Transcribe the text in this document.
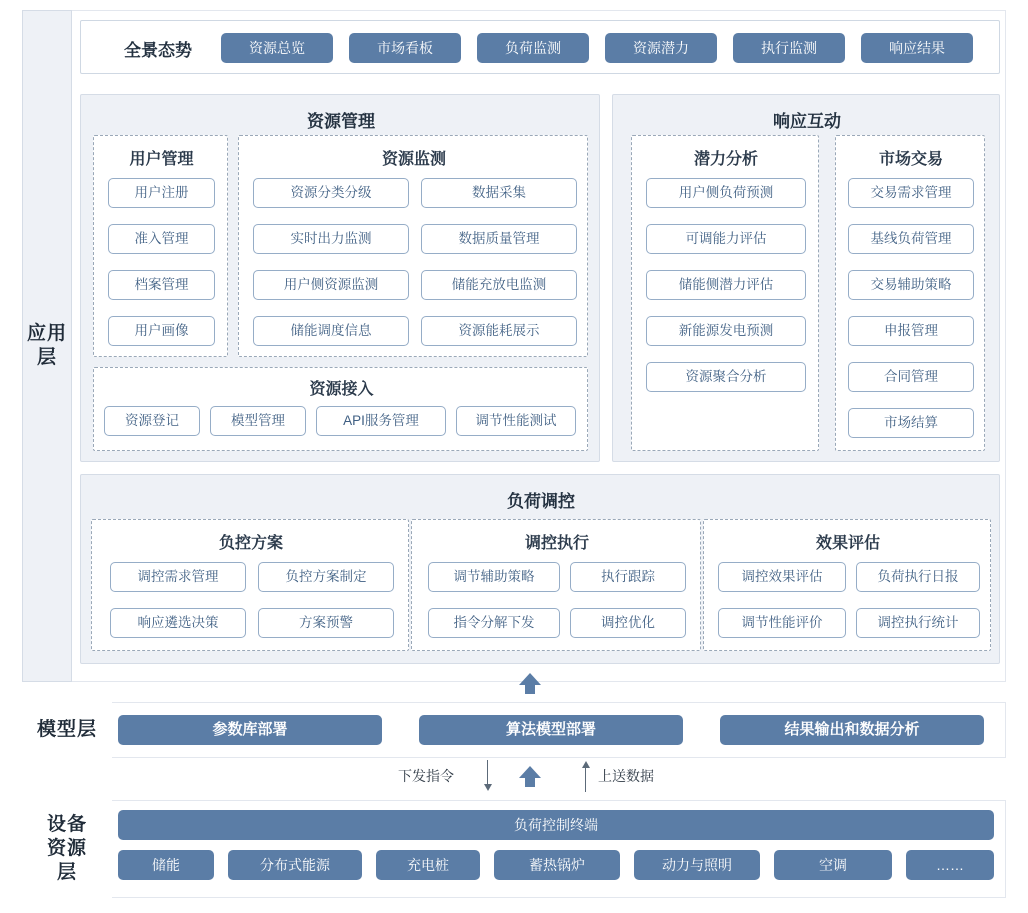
应用层
模型层
设备资源层
全景态势	资源总览	市场看板	负荷监测	资源潜力	执行监测	响应结果
资源管理
用户管理
用户注册
准入管理
档案管理
用户画像
资源监测
资源分类分级
实时出力监测
用户侧资源监测
储能调度信息
数据采集
数据质量管理
储能充放电监测
资源能耗展示
资源接入
资源登记	模型管理	API服务管理	调节性能测试
响应互动
潜力分析
用户侧负荷预测
可调能力评估
储能侧潜力评估
新能源发电预测
资源聚合分析
市场交易
交易需求管理
基线负荷管理
交易辅助策略
申报管理
合同管理
市场结算
负荷调控
负控方案
调控需求管理	负控方案制定
响应遴选决策	方案预警
调控执行
调节辅助策略	执行跟踪
指令分解下发	调控优化
效果评估
调控效果评估	负荷执行日报
调节性能评价	调控执行统计
参数库部署	算法模型部署	结果输出和数据分析
下发指令	上送数据
负荷控制终端
储能	分布式能源	充电桩	蓄热锅炉	动力与照明	空调	……
